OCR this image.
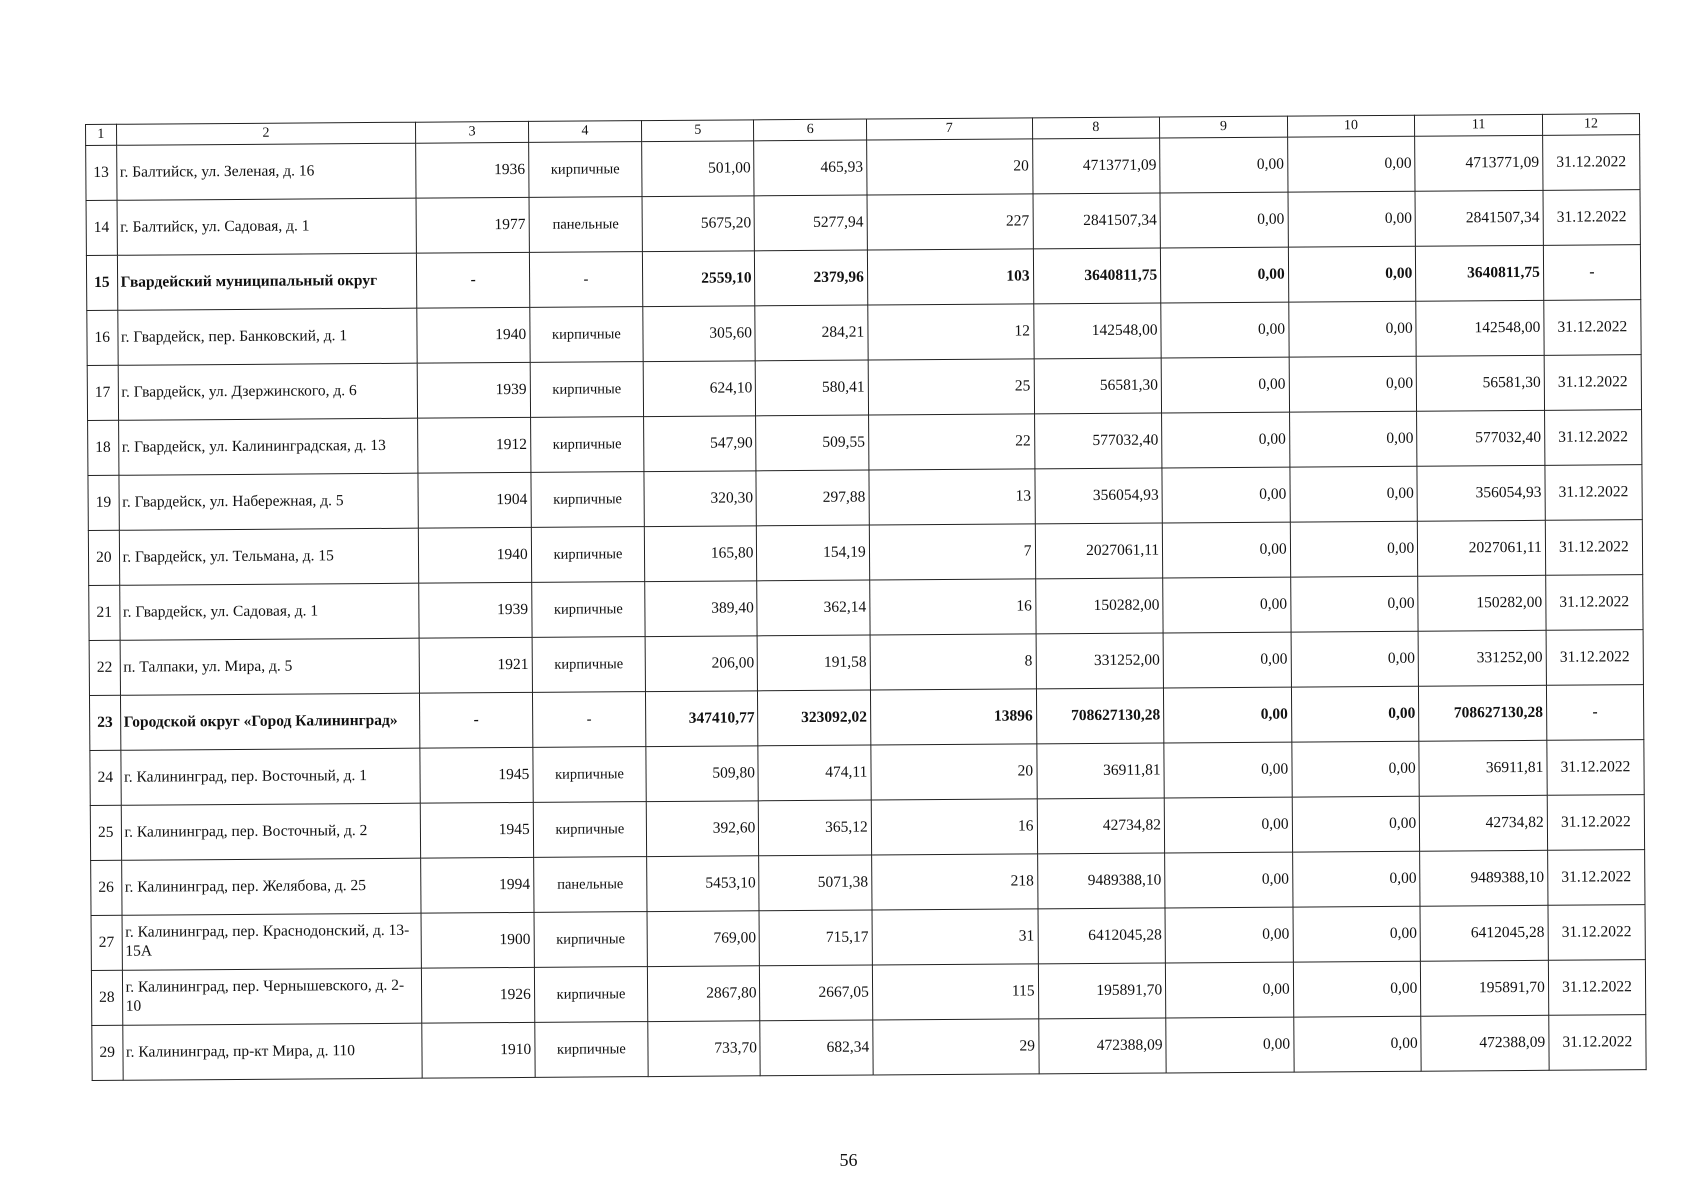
1	2	3	4	5	6	7	8	9	10	11	12
13	г. Балтийск, ул. Зеленая, д. 16	1936	кирпичные	501,00	465,93	20	4713771,09	0,00	0,00	4713771,09	31.12.2022
14	г. Балтийск, ул. Садовая, д. 1	1977	панельные	5675,20	5277,94	227	2841507,34	0,00	0,00	2841507,34	31.12.2022
15	Гвардейский муниципальный округ	-	-	2559,10	2379,96	103	3640811,75	0,00	0,00	3640811,75	-
16	г. Гвардейск, пер. Банковский, д. 1	1940	кирпичные	305,60	284,21	12	142548,00	0,00	0,00	142548,00	31.12.2022
17	г. Гвардейск, ул. Дзержинского, д. 6	1939	кирпичные	624,10	580,41	25	56581,30	0,00	0,00	56581,30	31.12.2022
18	г. Гвардейск, ул. Калининградская, д. 13	1912	кирпичные	547,90	509,55	22	577032,40	0,00	0,00	577032,40	31.12.2022
19	г. Гвардейск, ул. Набережная, д. 5	1904	кирпичные	320,30	297,88	13	356054,93	0,00	0,00	356054,93	31.12.2022
20	г. Гвардейск, ул. Тельмана, д. 15	1940	кирпичные	165,80	154,19	7	2027061,11	0,00	0,00	2027061,11	31.12.2022
21	г. Гвардейск, ул. Садовая, д. 1	1939	кирпичные	389,40	362,14	16	150282,00	0,00	0,00	150282,00	31.12.2022
22	п. Талпаки, ул. Мира, д. 5	1921	кирпичные	206,00	191,58	8	331252,00	0,00	0,00	331252,00	31.12.2022
23	Городской округ «Город Калининград»	-	-	347410,77	323092,02	13896	708627130,28	0,00	0,00	708627130,28	-
24	г. Калининград, пер. Восточный, д. 1	1945	кирпичные	509,80	474,11	20	36911,81	0,00	0,00	36911,81	31.12.2022
25	г. Калининград, пер. Восточный, д. 2	1945	кирпичные	392,60	365,12	16	42734,82	0,00	0,00	42734,82	31.12.2022
26	г. Калининград, пер. Желябова, д. 25	1994	панельные	5453,10	5071,38	218	9489388,10	0,00	0,00	9489388,10	31.12.2022
27	г. Калининград, пер. Краснодонский, д. 13-15А	1900	кирпичные	769,00	715,17	31	6412045,28	0,00	0,00	6412045,28	31.12.2022
28	г. Калининград, пер. Чернышевского, д. 2-10	1926	кирпичные	2867,80	2667,05	115	195891,70	0,00	0,00	195891,70	31.12.2022
29	г. Калининград, пр-кт Мира, д. 110	1910	кирпичные	733,70	682,34	29	472388,09	0,00	0,00	472388,09	31.12.2022
56
